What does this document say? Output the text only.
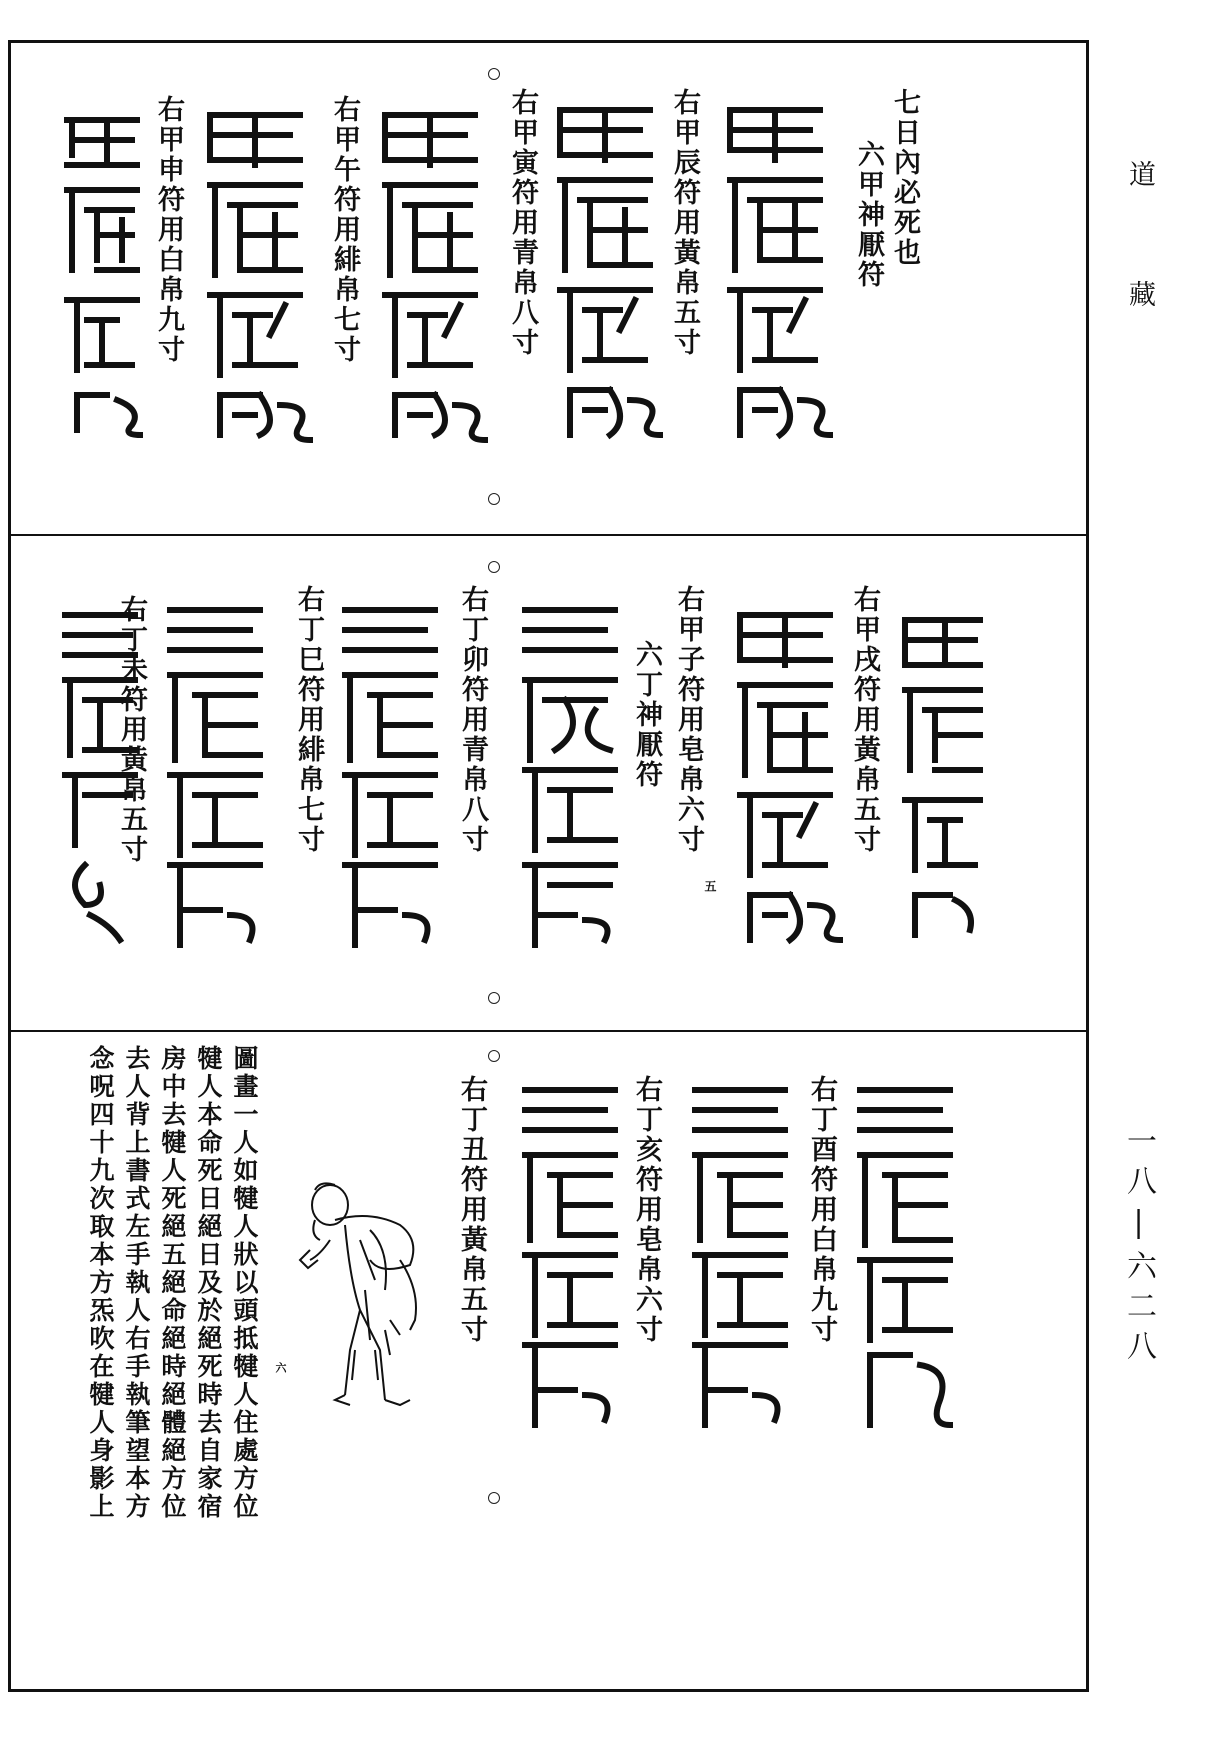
道
藏
一八|六二八
七日內必死也
六甲神厭符
右甲辰符用黃帛五寸
右甲寅符用青帛八寸
右甲午符用緋帛七寸
右甲申符用白帛九寸
右甲戌符用黃帛五寸
右甲子符用皂帛六寸
六丁神厭符
右丁卯符用青帛八寸
右丁巳符用緋帛七寸
右丁未符用黃帛五寸
右丁酉符用白帛九寸
右丁亥符用皂帛六寸
右丁丑符用黃帛五寸
圖畫一人如犍人狀以頭抵犍人住處方位
犍人本命死日絕日及於絕死時去自家宿
房中去犍人死絕五絕命絕時絕體絕方位
去人背上書式左手執人右手執筆望本方
念呪四十九次取本方炁吹在犍人身影上
五
六
